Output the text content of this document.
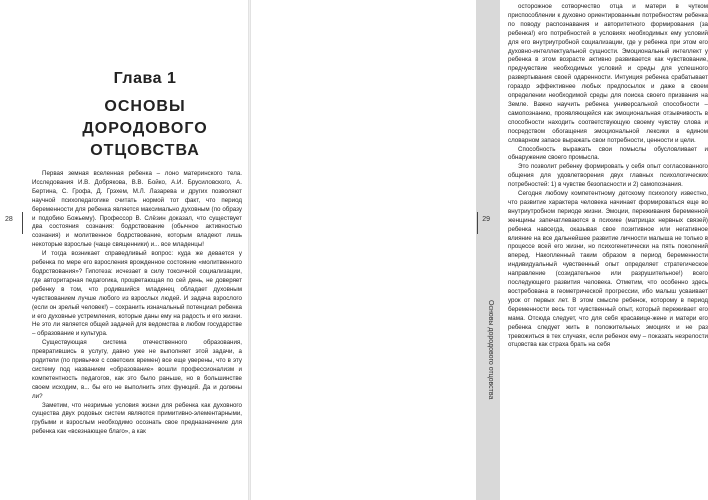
28
Глава 1
ОСНОВЫ ДОРОДОВОГО ОТЦОВСТВА

Первая земная вселенная ребенка – лоно материнского тела. Исследования И.В. Добрякова, В.В. Бойко, А.И. Брусиловского, А. Бертина, С. Грофа, Д. Грэхем, М.Л. Лазарева и других позволяют научной психопедагогике считать нормой тот факт, что период беременности для ребенка является максимально духовным (по образу и подобию Божьему). Профессор В. Слёзин доказал, что существует два состояния сознания: бодрствование (обычное активностью сознания) и молитвенное бодрствование, которым владеют лишь некоторые взрослые (чаще священники) и... все младенцы!

И тогда возникает справедливый вопрос: куда же девается у ребенка по мере его взросления врожденное состояние «молитвенного бодрствования»? Гипотеза: исчезает в силу токсичной социализации, где авторитарная педагогика, процветающая по сей день, не доверяет ребенку в том, что родившийся младенец обладает духовным чувствованием лучше любого из взрослых людей. И задача взрослого (если он зрелый человек!) – сохранить изначальный потенциал ребенка и его духовные устремления, которые даны ему на радость и его жизни. Не это ли является общей задачей для ведомства в любом государстве – образование и культура.

Существующая система отечественного образования, превратившись в услугу, давно уже не выполняет этой задачи, а родители (по привычке с советских времен) все еще уверены, что в эту систему под названием «образование» вошли профессионализм и компетентность педагогов, как это было раньше, но в большинстве своем исходим, в... бы его не выполнить этих функций. Да и должны ли?

Заметим, что незримые условия жизни для ребенка как духовного существа двух родовых систем являются примитивно-элементарными, грубыми и взрослым необходимо осознать свое предназначение для ребенка как «всезнающее благо», а как

осторожное сотворчество отца и матери в чутком приспособлении к духовно ориентированным потребностям ребенка по поводу распознавания и авторитетного формирования (за ребенка!) его потребностей в условиях необходимых ему условий для его внутриутробной социализации, где у ребенка при этом его духовно-интеллектуальной сущности. Эмоциональный интеллект у ребенка в этом возрасте активно развивается как чувствование, предчувствие необходимых условий и среды для успешного развертывания своей одаренности. Интуиция ребенка срабатывает гораздо эффективнее любых предпосылок и даже в своем определении необходимой среды для поиска своего призвания на Земле. Важно научить ребенка универсальной способности – самопознанию, проявляющейся как эмоциональная отзывчивость в способности находить соответствующую своему чувству слова и посредством обогащения эмоциональной лексики в едином словарном запасе выражать свои потребности, ценности и цели.

Способность выражать свои помыслы обусловливает и обнаружение своего промысла.

Это позволит ребенку формировать у себя опыт согласованного общения для удовлетворения двух главных психологических потребностей: 1) в чувстве безопасности и 2) самопознания.

Сегодня любому компетентному детскому психологу известно, что развитие характера человека начинает формироваться еще во внутриутробном периоде жизни. Эмоции, переживания беременной женщины запечатлеваются в психике (матрицах нервных связей) ребенка навсегда, оказывая свое позитивное или негативное влияние на все дальнейшее развитие личности малыша не только в процессе всей его жизни, но психогенетически на пять поколений вперед. Накопленный таким образом в период беременности индивидуальный чувственный опыт определяет стратегическое направление (созидательное или разрушительное!) всего последующего развития человека. Отметим, что особенно здесь востребована в геометрической прогрессии, ибо малыш усваивает урок от первых лет. В этом смысле ребенок, которому в период беременности весь тот чувственный опыт, который переживает его мама. Отсюда следует, что для себя красавице-жене и матери его ребенка следует жить в положительных эмоциях и не раз тревожиться в тех случаях, если ребенок ему – показать незрелости отцовства как страха брать на себя

29
Основы дородового отцовства
